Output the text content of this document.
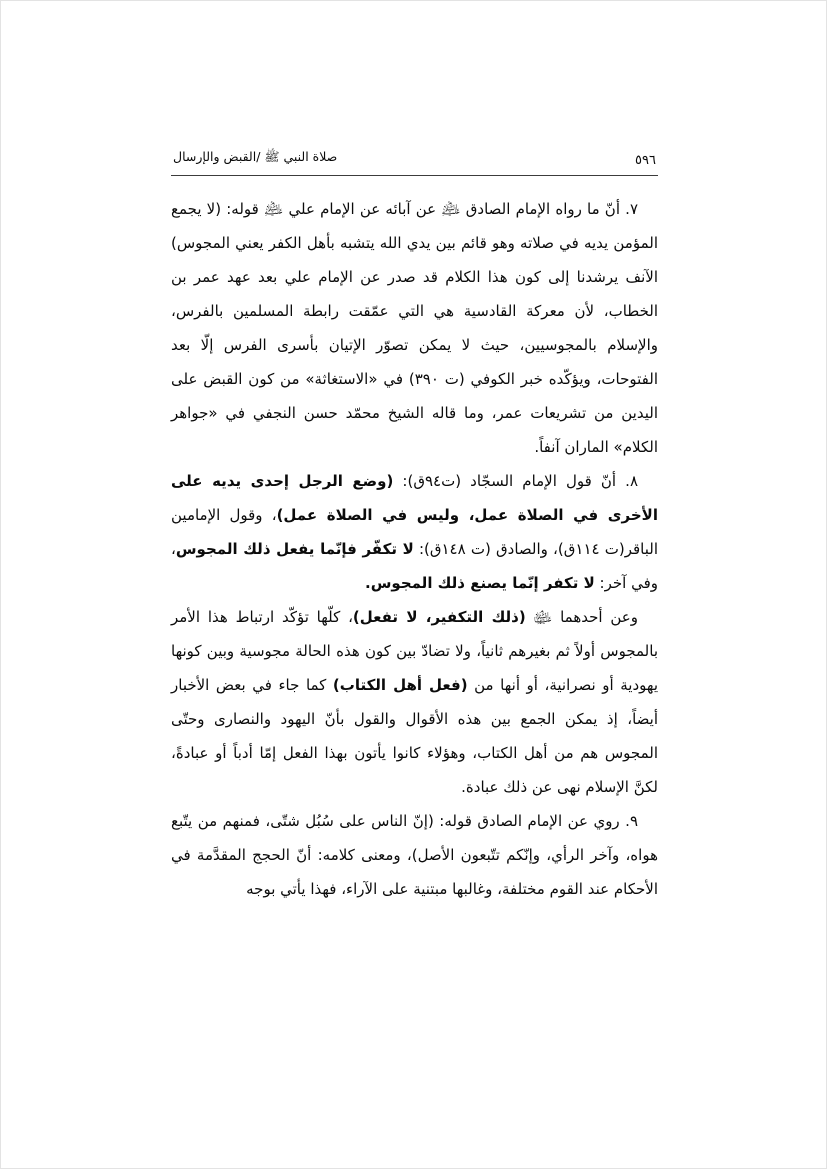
صلاة النبي ﷺ /القبض والإرسال	٥٩٦

٧. أنّ ما رواه الإمام الصادق ﵇ عن آبائه عن الإمام علي ﵇ قوله: (لا يجمع المؤمن يديه في صلاته وهو قائم بين يدي الله يتشبه بأهل الكفر يعني المجوس) الآنف يرشدنا إلى كون هذا الكلام قد صدر عن الإمام علي بعد عهد عمر بن الخطاب، لأن معركة القادسية هي التي عمّقت رابطة المسلمين بالفرس، والإسلام بالمجوسيين، حيث لا يمكن تصوّر الإتيان بأسرى الفرس إلّا بعد الفتوحات، ويؤكّده خبر الكوفي (ت ٣٩٠) في «الاستغاثة» من كون القبض على اليدين من تشريعات عمر، وما قاله الشيخ محمّد حسن النجفي في «جواهر الكلام» الماران آنفاً.

٨. أنّ قول الإمام السجّاد (ت٩٤ق): (وضع الرجل إحدى يديه على الأخرى في الصلاة عمل، وليس في الصلاة عمل)، وقول الإمامين الباقر(ت ١١٤ق)، والصادق (ت ١٤٨ق): لا تكفّر فإنّما يفعل ذلك المجوس، وفي آخر: لا تكفر إنّما يصنع ذلك المجوس.

وعن أحدهما ﵉ (ذلك التكفير، لا تفعل)، كلّها تؤكّد ارتباط هذا الأمر بالمجوس أولاً ثم بغيرهم ثانياً، ولا تضادّ بين كون هذه الحالة مجوسية وبين كونها يهودية أو نصرانية، أو أنها من (فعل أهل الكتاب) كما جاء في بعض الأخبار أيضاً، إذ يمكن الجمع بين هذه الأقوال والقول بأنّ اليهود والنصارى وحتّى المجوس هم من أهل الكتاب، وهؤلاء كانوا يأتون بهذا الفعل إمّا أدباً أو عبادةً، لكنَّ الإسلام نهى عن ذلك عبادة.

٩. روي عن الإمام الصادق قوله: (إنّ الناس على سُبُل شتّى، فمنهم من يتّبع هواه، وآخر الرأي، وإنّكم تتّبعون الأصل)، ومعنى كلامه: أنّ الحجج المقدَّمة في الأحكام عند القوم مختلفة، وغالبها مبتنية على الآراء، فهذا يأتي بوجه
